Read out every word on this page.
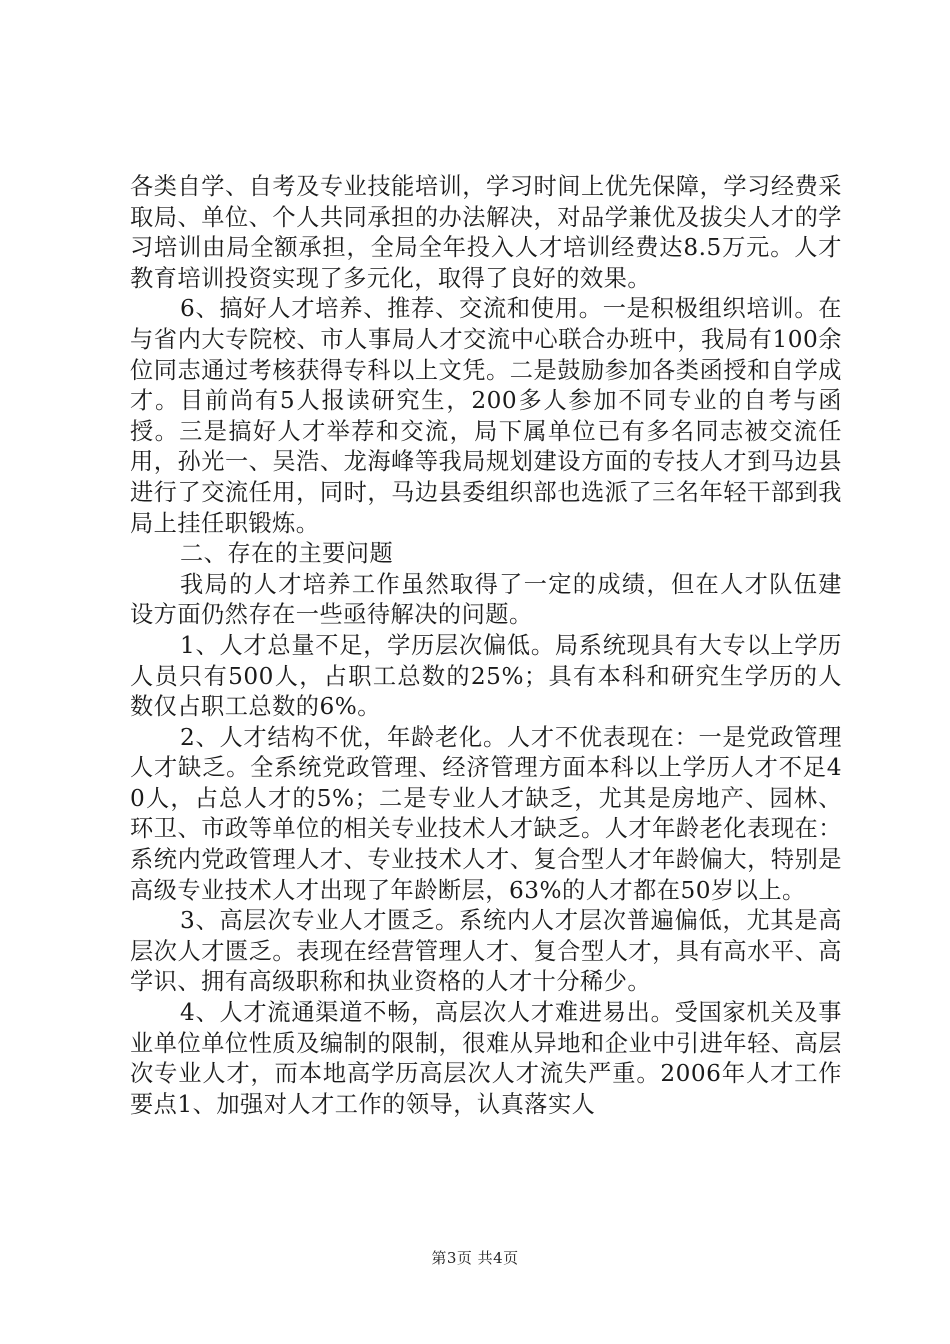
各类自学、自考及专业技能培训，学习时间上优先保障，学习经费采取局、单位、个人共同承担的办法解决，对品学兼优及拔尖人才的学习培训由局全额承担，全局全年投入人才培训经费达8.5万元。人才教育培训投资实现了多元化，取得了良好的效果。

6、搞好人才培养、推荐、交流和使用。一是积极组织培训。在与省内大专院校、市人事局人才交流中心联合办班中，我局有100余位同志通过考核获得专科以上文凭。二是鼓励参加各类函授和自学成才。目前尚有5人报读研究生，200多人参加不同专业的自考与函授。三是搞好人才举荐和交流，局下属单位已有多名同志被交流任用，孙光一、吴浩、龙海峰等我局规划建设方面的专技人才到马边县进行了交流任用，同时，马边县委组织部也选派了三名年轻干部到我局上挂任职锻炼。

二、存在的主要问题

我局的人才培养工作虽然取得了一定的成绩，但在人才队伍建设方面仍然存在一些亟待解决的问题。

1、人才总量不足，学历层次偏低。局系统现具有大专以上学历人员只有500人，占职工总数的25%；具有本科和研究生学历的人数仅占职工总数的6%。

2、人才结构不优，年龄老化。人才不优表现在：一是党政管理人才缺乏。全系统党政管理、经济管理方面本科以上学历人才不足40人，占总人才的5%；二是专业人才缺乏，尤其是房地产、园林、环卫、市政等单位的相关专业技术人才缺乏。人才年龄老化表现在：系统内党政管理人才、专业技术人才、复合型人才年龄偏大，特别是高级专业技术人才出现了年龄断层，63%的人才都在50岁以上。

3、高层次专业人才匮乏。系统内人才层次普遍偏低，尤其是高层次人才匮乏。表现在经营管理人才、复合型人才，具有高水平、高学识、拥有高级职称和执业资格的人才十分稀少。

4、人才流通渠道不畅，高层次人才难进易出。受国家机关及事业单位单位性质及编制的限制，很难从异地和企业中引进年轻、高层次专业人才，而本地高学历高层次人才流失严重。2006年人才工作要点1、加强对人才工作的领导，认真落实人

第3页 共4页
